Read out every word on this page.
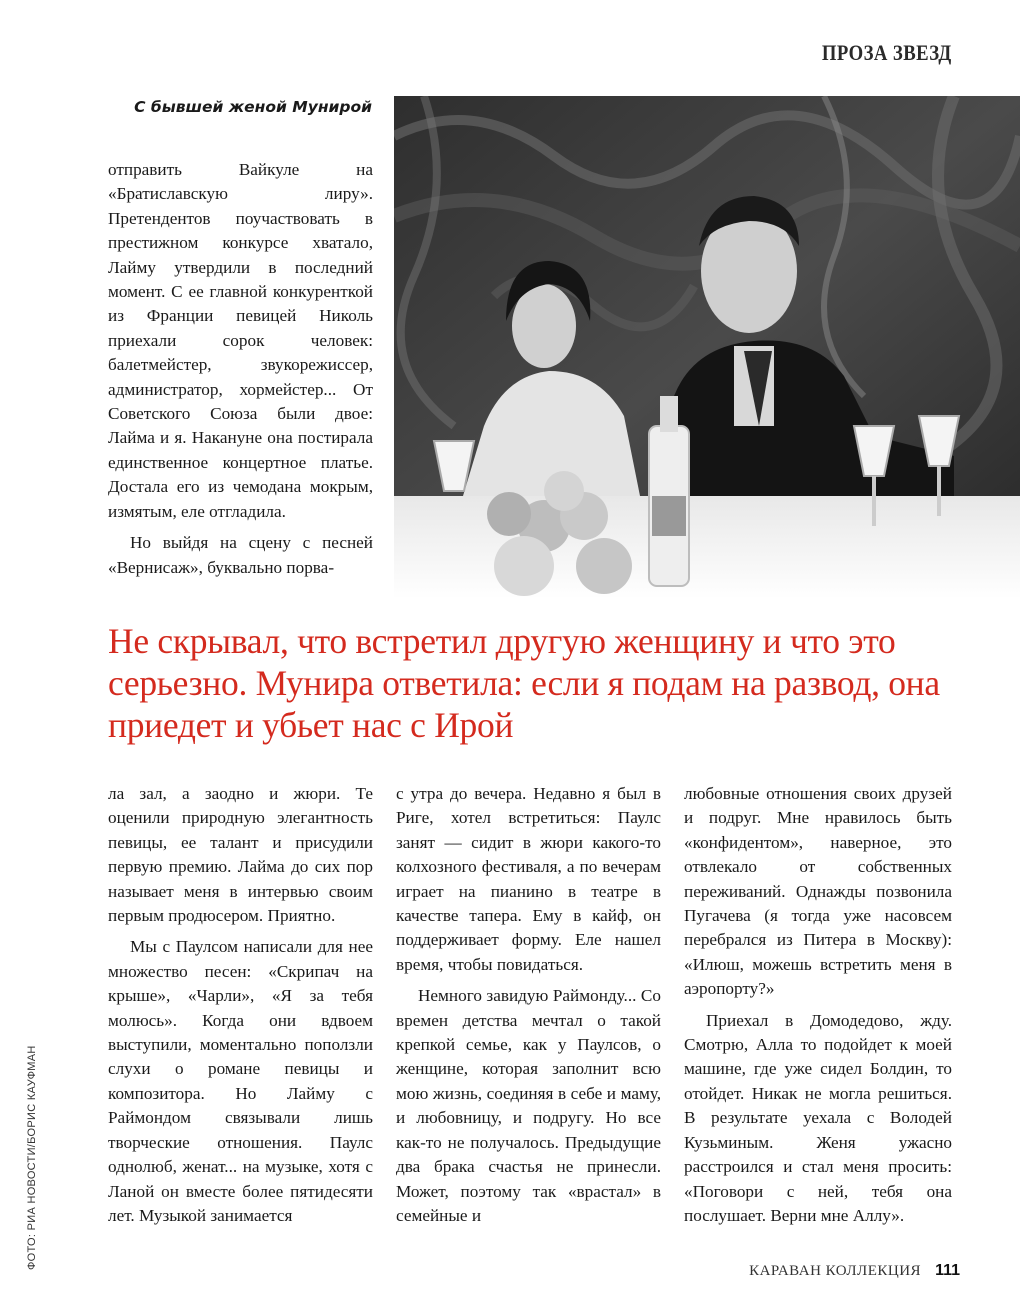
ПРОЗА ЗВЕЗД
С бывшей женой Мунирой

отправить Вайкуле на «Братиславскую лиру». Претендентов поучаствовать в престижном конкурсе хватало, Лайму утвердили в последний момент. С ее главной конкуренткой из Франции певицей Николь приехали сорок человек: балетмейстер, звукорежиссер, администратор, хормейстер... От Советского Союза были двое: Лайма и я. Накануне она постирала единственное концертное платье. Достала его из чемодана мокрым, измятым, еле отгладила.

Но выйдя на сцену с песней «Вернисаж», буквально порва-

Не скрывал, что встретил другую женщину и что это серьезно. Мунира ответила: если я подам на развод, она приедет и убьет нас с Ирой

ла зал, а заодно и жюри. Те оценили природную элегантность певицы, ее талант и присудили первую премию. Лайма до сих пор называет меня в интервью своим первым продюсером. Приятно.

Мы с Паулсом написали для нее множество песен: «Скрипач на крыше», «Чарли», «Я за тебя молюсь». Когда они вдвоем выступили, моментально поползли слухи о романе певицы и композитора. Но Лайму с Раймондом связывали лишь творческие отношения. Паулс однолюб, женат... на музыке, хотя с Ланой он вместе более пятидесяти лет. Музыкой занимается

с утра до вечера. Недавно я был в Риге, хотел встретиться: Паулс занят — сидит в жюри какого-то колхозного фестиваля, а по вечерам играет на пианино в театре в качестве тапера. Ему в кайф, он поддерживает форму. Еле нашел время, чтобы повидаться.

Немного завидую Раймонду... Со времен детства мечтал о такой крепкой семье, как у Паулсов, о женщине, которая заполнит всю мою жизнь, соединяя в себе и маму, и любовницу, и подругу. Но все как-то не получалось. Предыдущие два брака счастья не принесли. Может, поэтому так «врастал» в семейные и

любовные отношения своих друзей и подруг. Мне нравилось быть «конфидентом», наверное, это отвлекало от собственных переживаний. Однажды позвонила Пугачева (я тогда уже насовсем перебрался из Питера в Москву): «Илюш, можешь встретить меня в аэропорту?»

Приехал в Домодедово, жду. Смотрю, Алла то подойдет к моей машине, где уже сидел Болдин, то отойдет. Никак не могла решиться. В результате уехала с Володей Кузьминым. Женя ужасно расстроился и стал меня просить: «Поговори с ней, тебя она послушает. Верни мне Аллу».

ФОТО: РИА НОВОСТИ/БОРИС КАУФМАН
КАРАВАН КОЛЛЕКЦИЯ 111
